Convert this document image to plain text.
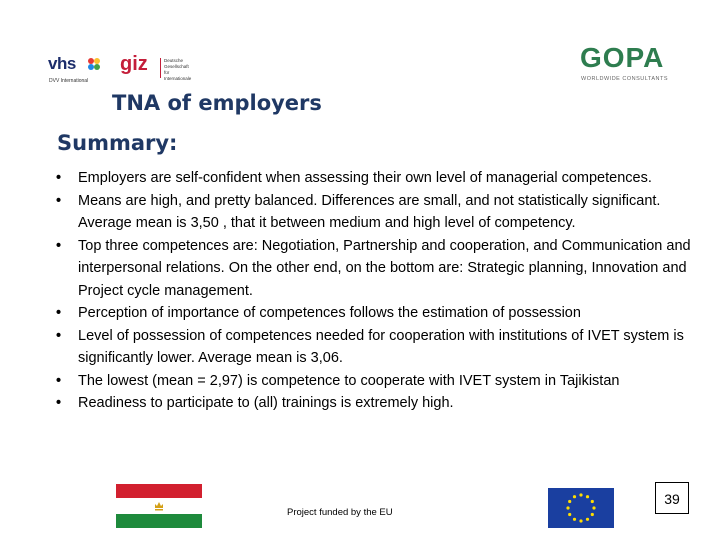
vhs
DVV International
giz	Deutsche Gesellschaft
für Internationale
GOPA
WORLDWIDE CONSULTANTS
TNA of employers
Summary:
• Employers are self-confident when assessing their own level of managerial competences.
• Means are high, and pretty balanced. Differences are small, and not statistically significant. Average mean is 3,50 , that it between medium and high level of competency.
• Top three competences are: Negotiation, Partnership and cooperation, and Communication and interpersonal relations. On the other end, on the bottom are: Strategic planning, Innovation and Project cycle management.
• Perception of importance of competences follows the estimation of possession
• Level of possession of competences needed for cooperation with institutions of IVET system is significantly lower. Average mean is 3,06.
• The lowest (mean = 2,97) is competence to cooperate with IVET system in Tajikistan
• Readiness to participate to (all) trainings is extremely high.
Project funded by the EU
39
